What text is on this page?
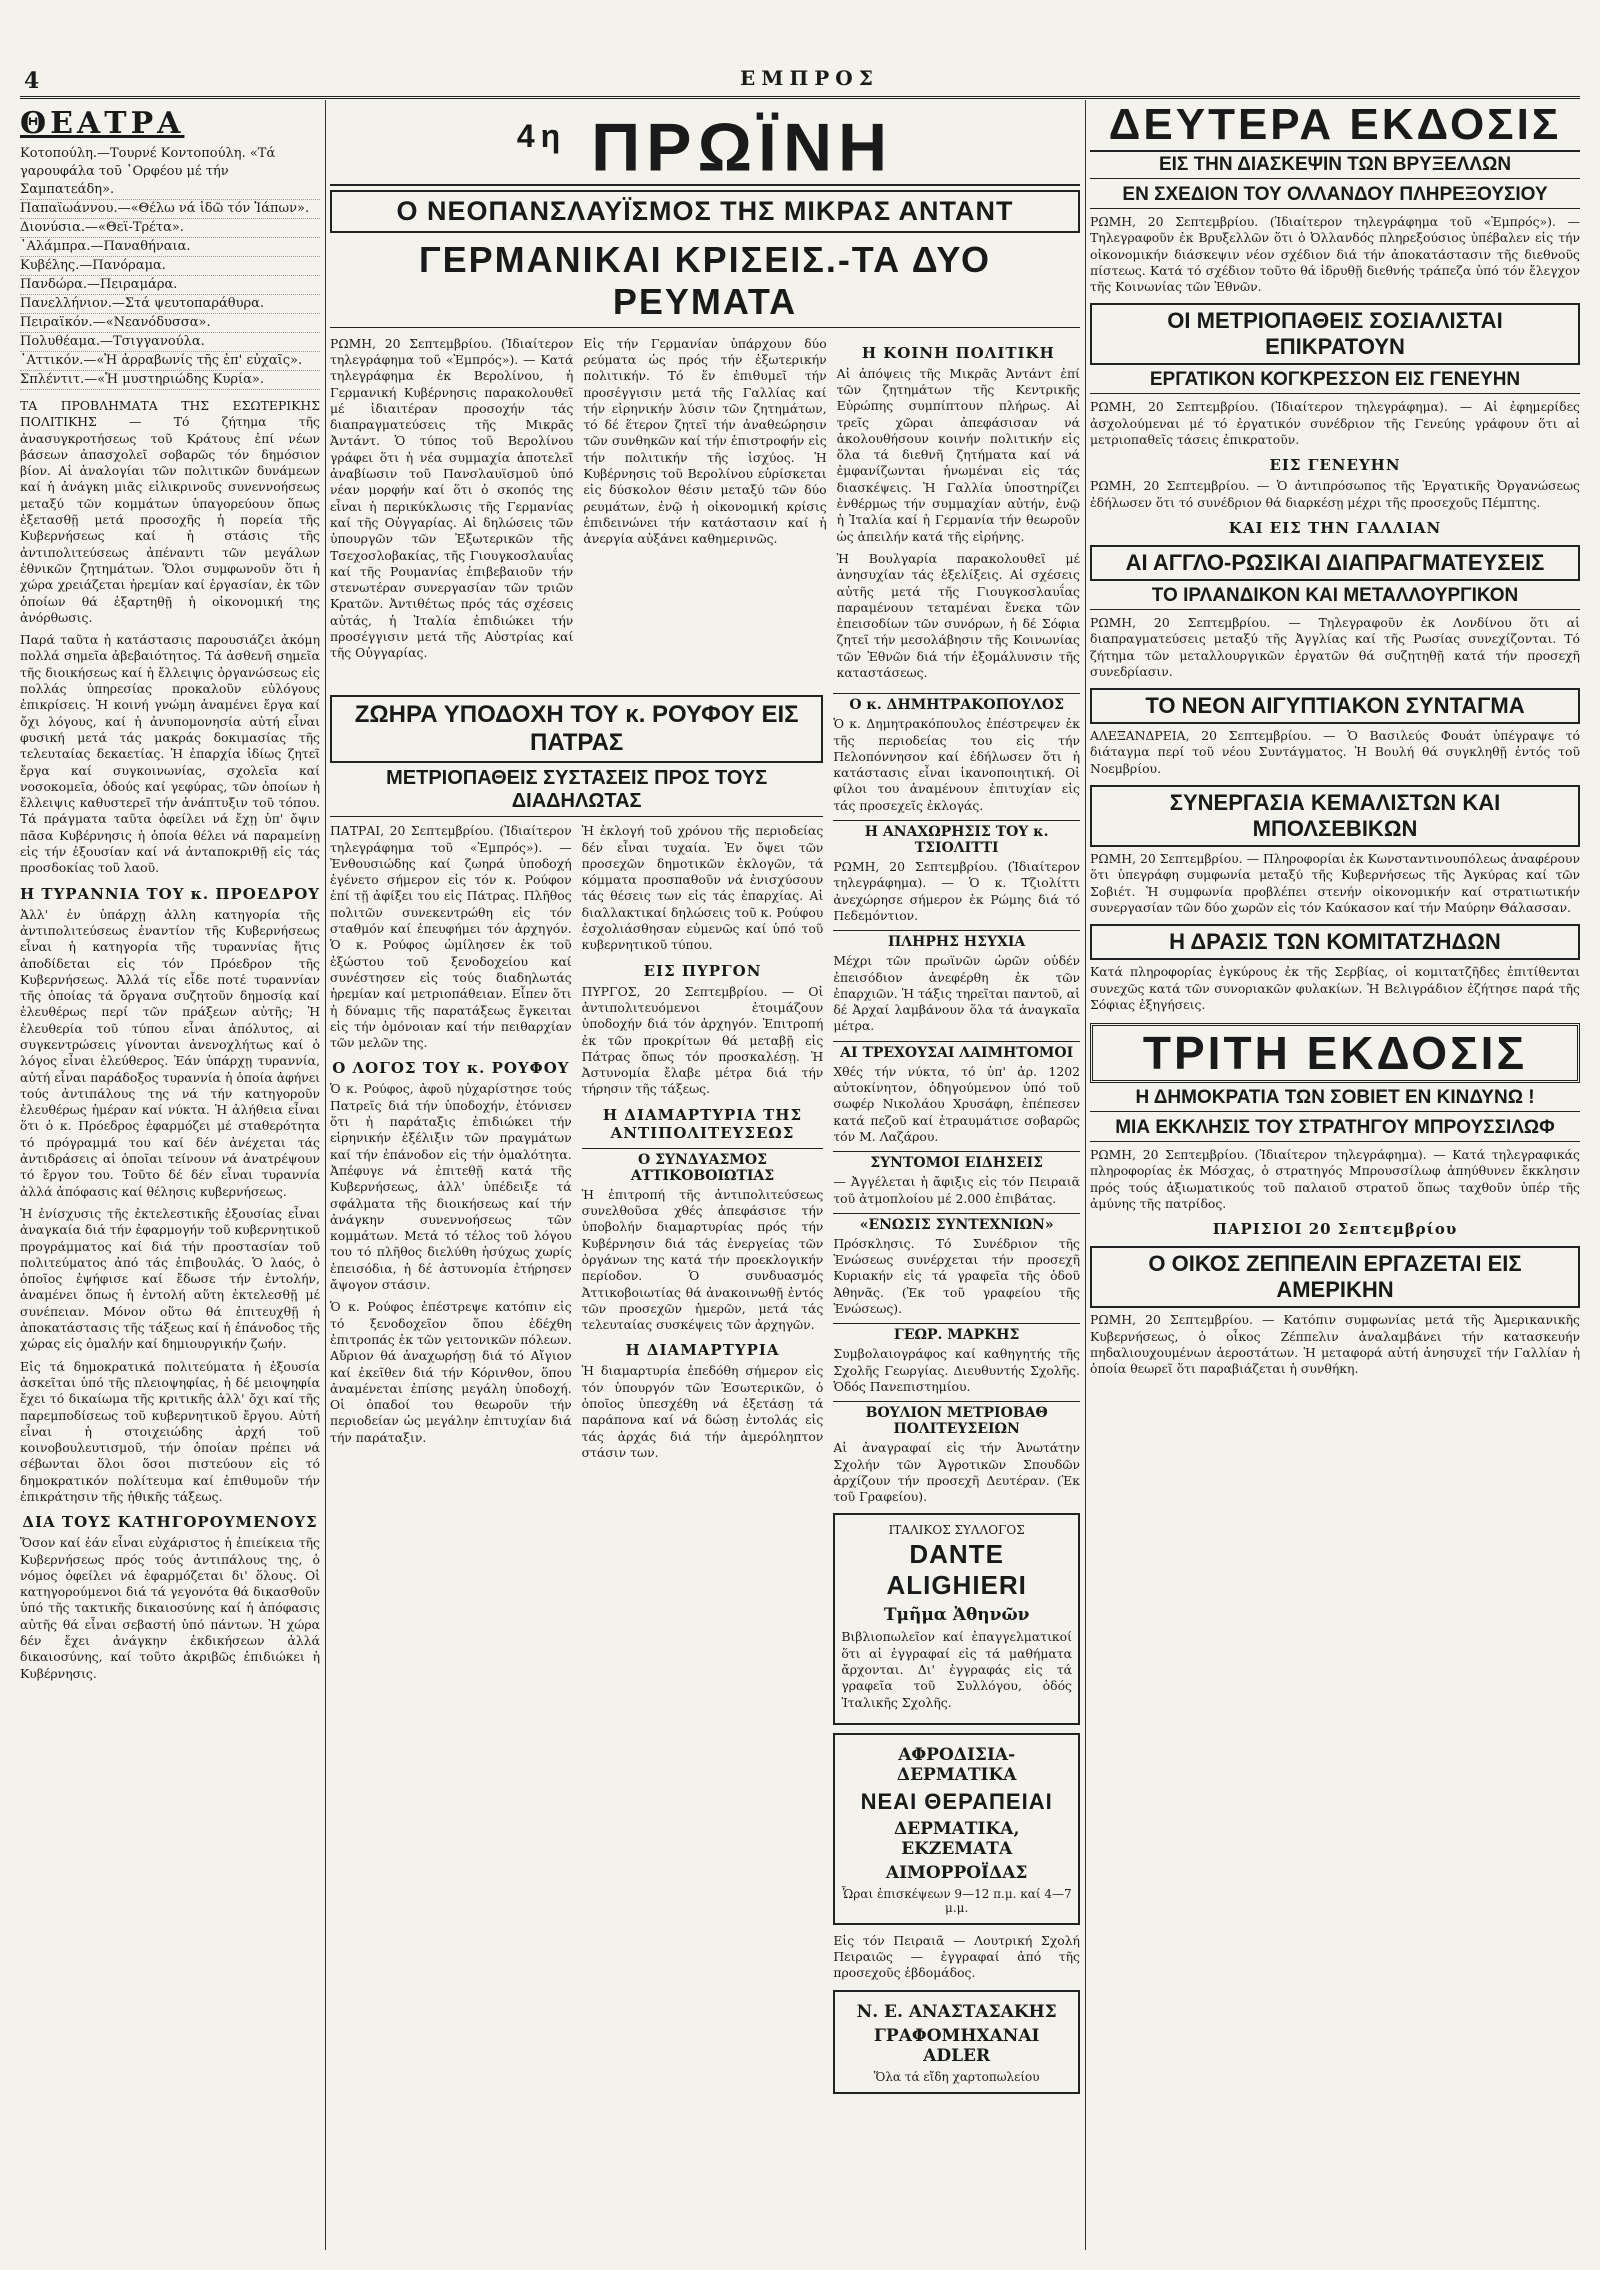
4	ΕΜΠΡΟΣ
ΘΕΑΤΡΑ
Κοτοπούλη.—Τουρνέ Κοντοπούλη. «Τά γαρουφάλα τοῦ ᾿Ορφέου μέ τήν Σαμπατεάδη».
Παπαϊωάννου.—«Θέλω νά ἰδῶ τόν Ἰάπων».
Διονύσια.—«Θεϊ-Τρέτα».
᾿Αλάμπρα.—Παναθήναια.
Κυβέλης.—Πανόραμα.
Πανδώρα.—Πειραμάρα.
Πανελλήνιον.—Στά ψευτοπαράθυρα.
Πειραϊκόν.—«Νεανόδυσσα».
Πολυθέαμα.—Τσιγγανούλα.
᾿Αττικόν.—«Ἡ ἀρραβωνίς τῆς ἐπ' εὐχαῖς».
Σπλέντιτ.—«Ἡ μυστηριώδης Κυρία».

ΤΑ ΠΡΟΒΛΗΜΑΤΑ ΤΗΣ ΕΣΩΤΕΡΙΚΗΣ ΠΟΛΙΤΙΚΗΣ — Τό ζήτημα τῆς ἀνασυγκροτήσεως τοῦ Κράτους ἐπί νέων βάσεων ἀπασχολεῖ σοβαρῶς τόν δημόσιον βίον. Αἱ ἀναλογίαι τῶν πολιτικῶν δυνάμεων καί ἡ ἀνάγκη μιᾶς εἰλικρινοῦς συνεννοήσεως μεταξύ τῶν κομμάτων ὑπαγορεύουν ὅπως ἐξετασθῇ μετά προσοχῆς ἡ πορεία τῆς Κυβερνήσεως καί ἡ στάσις τῆς ἀντιπολιτεύσεως ἀπέναντι τῶν μεγάλων ἐθνικῶν ζητημάτων. Ὅλοι συμφωνοῦν ὅτι ἡ χώρα χρειάζεται ἠρεμίαν καί ἐργασίαν, ἐκ τῶν ὁποίων θά ἐξαρτηθῇ ἡ οἰκονομική της ἀνόρθωσις.

Παρά ταῦτα ἡ κατάστασις παρουσιάζει ἀκόμη πολλά σημεῖα ἀβεβαιότητος. Τά ἀσθενῆ σημεῖα τῆς διοικήσεως καί ἡ ἔλλειψις ὀργανώσεως εἰς πολλάς ὑπηρεσίας προκαλοῦν εὐλόγους ἐπικρίσεις. Ἡ κοινή γνώμη ἀναμένει ἔργα καί ὄχι λόγους, καί ἡ ἀνυπομονησία αὐτή εἶναι φυσική μετά τάς μακράς δοκιμασίας τῆς τελευταίας δεκαετίας. Ἡ ἐπαρχία ἰδίως ζητεῖ ἔργα καί συγκοινωνίας, σχολεῖα καί νοσοκομεῖα, ὁδούς καί γεφύρας, τῶν ὁποίων ἡ ἔλλειψις καθυστερεῖ τήν ἀνάπτυξιν τοῦ τόπου. Τά πράγματα ταῦτα ὀφείλει νά ἔχῃ ὑπ' ὄψιν πᾶσα Κυβέρνησις ἡ ὁποία θέλει νά παραμείνῃ εἰς τήν ἐξουσίαν καί νά ἀνταποκριθῇ εἰς τάς προσδοκίας τοῦ λαοῦ.

Η ΤΥΡΑΝΝΙΑ ΤΟΥ κ. ΠΡΟΕΔΡΟΥ

Ἀλλ' ἐν ὑπάρχῃ ἀλλη κατηγορία τῆς ἀντιπολιτεύσεως ἐναντίον τῆς Κυβερνήσεως εἶναι ἡ κατηγορία τῆς τυραννίας ἥτις ἀποδίδεται εἰς τόν Πρόεδρον τῆς Κυβερνήσεως. Ἀλλά τίς εἶδε ποτέ τυραννίαν τῆς ὁποίας τά ὄργανα συζητοῦν δημοσίᾳ καί ἐλευθέρως περί τῶν πράξεων αὐτῆς; Ἡ ἐλευθερία τοῦ τύπου εἶναι ἀπόλυτος, αἱ συγκεντρώσεις γίνονται ἀνενοχλήτως καί ὁ λόγος εἶναι ἐλεύθερος. Ἐάν ὑπάρχῃ τυραννία, αὐτή εἶναι παράδοξος τυραννία ἡ ὁποία ἀφήνει τούς ἀντιπάλους της νά τήν κατηγοροῦν ἐλευθέρως ἡμέραν καί νύκτα. Ἡ ἀλήθεια εἶναι ὅτι ὁ κ. Πρόεδρος ἐφαρμόζει μέ σταθερότητα τό πρόγραμμά του καί δέν ἀνέχεται τάς ἀντιδράσεις αἱ ὁποῖαι τείνουν νά ἀνατρέψουν τό ἔργον του. Τοῦτο δέ δέν εἶναι τυραννία ἀλλά ἀπόφασις καί θέλησις κυβερνήσεως.

Ἡ ἐνίσχυσις τῆς ἐκτελεστικῆς ἐξουσίας εἶναι ἀναγκαία διά τήν ἐφαρμογήν τοῦ κυβερνητικοῦ προγράμματος καί διά τήν προστασίαν τοῦ πολιτεύματος ἀπό τάς ἐπιβουλάς. Ὁ λαός, ὁ ὁποῖος ἐψήφισε καί ἔδωσε τήν ἐντολήν, ἀναμένει ὅπως ἡ ἐντολή αὕτη ἐκτελεσθῇ μέ συνέπειαν. Μόνον οὕτω θά ἐπιτευχθῇ ἡ ἀποκατάστασις τῆς τάξεως καί ἡ ἐπάνοδος τῆς χώρας εἰς ὁμαλήν καί δημιουργικήν ζωήν.

Εἰς τά δημοκρατικά πολιτεύματα ἡ ἐξουσία ἀσκεῖται ὑπό τῆς πλειοψηφίας, ἡ δέ μειοψηφία ἔχει τό δικαίωμα τῆς κριτικῆς ἀλλ' ὄχι καί τῆς παρεμποδίσεως τοῦ κυβερνητικοῦ ἔργου. Αὐτή εἶναι ἡ στοιχειώδης ἀρχή τοῦ κοινοβουλευτισμοῦ, τήν ὁποίαν πρέπει νά σέβωνται ὅλοι ὅσοι πιστεύουν εἰς τό δημοκρατικόν πολίτευμα καί ἐπιθυμοῦν τήν ἐπικράτησιν τῆς ἠθικῆς τάξεως.

ΔΙΑ ΤΟΥΣ ΚΑΤΗΓΟΡΟΥΜΕΝΟΥΣ

Ὅσον καί ἐάν εἶναι εὐχάριστος ἡ ἐπιείκεια τῆς Κυβερνήσεως πρός τούς ἀντιπάλους της, ὁ νόμος ὀφείλει νά ἐφαρμόζεται δι' ὅλους. Οἱ κατηγορούμενοι διά τά γεγονότα θά δικασθοῦν ὑπό τῆς τακτικῆς δικαιοσύνης καί ἡ ἀπόφασις αὐτῆς θά εἶναι σεβαστή ὑπό πάντων. Ἡ χώρα δέν ἔχει ἀνάγκην ἐκδικήσεων ἀλλά δικαιοσύνης, καί τοῦτο ἀκριβῶς ἐπιδιώκει ἡ Κυβέρνησις.

$^{4\eta}$ ΠΡΩΪΝΗ
Ο ΝΕΟΠΑΝΣΛΑΥΪΣΜΟΣ ΤΗΣ ΜΙΚΡΑΣ ΑΝΤΑΝΤ
ΓΕΡΜΑΝΙΚΑΙ ΚΡΙΣΕΙΣ.-ΤΑ ΔΥΟ ΡΕΥΜΑΤΑ

ΡΩΜΗ, 20 Σεπτεμβρίου. (Ἰδιαίτερον τηλεγράφημα τοῦ «Ἐμπρός»). — Κατά τηλεγράφημα ἐκ Βερολίνου, ἡ Γερμανική Κυβέρνησις παρακολουθεῖ μέ ἰδιαιτέραν προσοχήν τάς διαπραγματεύσεις τῆς Μικρᾶς Ἀντάντ. Ὁ τύπος τοῦ Βερολίνου γράφει ὅτι ἡ νέα συμμαχία ἀποτελεῖ ἀναβίωσιν τοῦ Πανσλαυϊσμοῦ ὑπό νέαν μορφήν καί ὅτι ὁ σκοπός της εἶναι ἡ περικύκλωσις τῆς Γερμανίας καί τῆς Οὐγγαρίας. Αἱ δηλώσεις τῶν ὑπουργῶν τῶν Ἐξωτερικῶν τῆς Τσεχοσλοβακίας, τῆς Γιουγκοσλαυΐας καί τῆς Ρουμανίας ἐπιβεβαιοῦν τήν στενωτέραν συνεργασίαν τῶν τριῶν Κρατῶν. Ἀντιθέτως πρός τάς σχέσεις αὐτάς, ἡ Ἰταλία ἐπιδιώκει τήν προσέγγισιν μετά τῆς Αὐστρίας καί τῆς Οὐγγαρίας.

Εἰς τήν Γερμανίαν ὑπάρχουν δύο ρεύματα ὡς πρός τήν ἐξωτερικήν πολιτικήν. Τό ἕν ἐπιθυμεῖ τήν προσέγγισιν μετά τῆς Γαλλίας καί τήν εἰρηνικήν λύσιν τῶν ζητημάτων, τό δέ ἕτερον ζητεῖ τήν ἀναθεώρησιν τῶν συνθηκῶν καί τήν ἐπιστροφήν εἰς τήν πολιτικήν τῆς ἰσχύος. Ἡ Κυβέρνησις τοῦ Βερολίνου εὑρίσκεται εἰς δύσκολον θέσιν μεταξύ τῶν δύο ρευμάτων, ἐνῷ ἡ οἰκονομική κρίσις ἐπιδεινώνει τήν κατάστασιν καί ἡ ἀνεργία αὐξάνει καθημερινῶς.

Η ΚΟΙΝΗ ΠΟΛΙΤΙΚΗ

Αἱ ἀπόψεις τῆς Μικρᾶς Ἀντάντ ἐπί τῶν ζητημάτων τῆς Κεντρικῆς Εὐρώπης συμπίπτουν πλήρως. Αἱ τρεῖς χῶραι ἀπεφάσισαν νά ἀκολουθήσουν κοινήν πολιτικήν εἰς ὅλα τά διεθνῆ ζητήματα καί νά ἐμφανίζωνται ἡνωμέναι εἰς τάς διασκέψεις. Ἡ Γαλλία ὑποστηρίζει ἐνθέρμως τήν συμμαχίαν αὐτήν, ἐνῷ ἡ Ἰταλία καί ἡ Γερμανία τήν θεωροῦν ὡς ἀπειλήν κατά τῆς εἰρήνης.

Ἡ Βουλγαρία παρακολουθεῖ μέ ἀνησυχίαν τάς ἐξελίξεις. Αἱ σχέσεις αὐτῆς μετά τῆς Γιουγκοσλαυΐας παραμένουν τεταμέναι ἕνεκα τῶν ἐπεισοδίων τῶν συνόρων, ἡ δέ Σόφια ζητεῖ τήν μεσολάβησιν τῆς Κοινωνίας τῶν Ἐθνῶν διά τήν ἐξομάλυνσιν τῆς καταστάσεως.

ΖΩΗΡΑ ΥΠΟΔΟΧΗ ΤΟΥ κ. ΡΟΥΦΟΥ ΕΙΣ ΠΑΤΡΑΣ
ΜΕΤΡΙΟΠΑΘΕΙΣ ΣΥΣΤΑΣΕΙΣ ΠΡΟΣ ΤΟΥΣ ΔΙΑΔΗΛΩΤΑΣ

ΠΑΤΡΑΙ, 20 Σεπτεμβρίου. (Ἰδιαίτερον τηλεγράφημα τοῦ «Ἐμπρός»). — Ἐνθουσιώδης καί ζωηρά ὑποδοχή ἐγένετο σήμερον εἰς τόν κ. Ρούφον ἐπί τῇ ἀφίξει του εἰς Πάτρας. Πλῆθος πολιτῶν συνεκεντρώθη εἰς τόν σταθμόν καί ἐπευφήμει τόν ἀρχηγόν. Ὁ κ. Ρούφος ὡμίλησεν ἐκ τοῦ ἐξώστου τοῦ ξενοδοχείου καί συνέστησεν εἰς τούς διαδηλωτάς ἡρεμίαν καί μετριοπάθειαν. Εἶπεν ὅτι ἡ δύναμις τῆς παρατάξεως ἔγκειται εἰς τήν ὁμόνοιαν καί τήν πειθαρχίαν τῶν μελῶν της.

Ο ΛΟΓΟΣ ΤΟΥ κ. ΡΟΥΦΟΥ

Ὁ κ. Ρούφος, ἀφοῦ ηὐχαρίστησε τούς Πατρεῖς διά τήν ὑποδοχήν, ἐτόνισεν ὅτι ἡ παράταξις ἐπιδιώκει τήν εἰρηνικήν ἐξέλιξιν τῶν πραγμάτων καί τήν ἐπάνοδον εἰς τήν ὁμαλότητα. Ἀπέφυγε νά ἐπιτεθῇ κατά τῆς Κυβερνήσεως, ἀλλ' ὑπέδειξε τά σφάλματα τῆς διοικήσεως καί τήν ἀνάγκην συνεννοήσεως τῶν κομμάτων. Μετά τό τέλος τοῦ λόγου του τό πλῆθος διελύθη ἡσύχως χωρίς ἐπεισόδια, ἡ δέ ἀστυνομία ἐτήρησεν ἄψογον στάσιν.

Ὁ κ. Ρούφος ἐπέστρεψε κατόπιν εἰς τό ξενοδοχεῖον ὅπου ἐδέχθη ἐπιτροπάς ἐκ τῶν γειτονικῶν πόλεων. Αὔριον θά ἀναχωρήσῃ διά τό Αἴγιον καί ἐκεῖθεν διά τήν Κόρινθον, ὅπου ἀναμένεται ἐπίσης μεγάλη ὑποδοχή. Οἱ ὀπαδοί του θεωροῦν τήν περιοδείαν ὡς μεγάλην ἐπιτυχίαν διά τήν παράταξιν.

Ἡ ἐκλογή τοῦ χρόνου τῆς περιοδείας δέν εἶναι τυχαία. Ἐν ὄψει τῶν προσεχῶν δημοτικῶν ἐκλογῶν, τά κόμματα προσπαθοῦν νά ἐνισχύσουν τάς θέσεις των εἰς τάς ἐπαρχίας. Αἱ διαλλακτικαί δηλώσεις τοῦ κ. Ρούφου ἐσχολιάσθησαν εὐμενῶς καί ὑπό τοῦ κυβερνητικοῦ τύπου.

ΕΙΣ ΠΥΡΓΟΝ

ΠΥΡΓΟΣ, 20 Σεπτεμβρίου. — Οἱ ἀντιπολιτευόμενοι ἐτοιμάζουν ὑποδοχήν διά τόν ἀρχηγόν. Ἐπιτροπή ἐκ τῶν προκρίτων θά μεταβῇ εἰς Πάτρας ὅπως τόν προσκαλέσῃ. Ἡ Ἀστυνομία ἔλαβε μέτρα διά τήν τήρησιν τῆς τάξεως.

Η ΔΙΑΜΑΡΤΥΡΙΑ ΤΗΣ ΑΝΤΙΠΟΛΙΤΕΥΣΕΩΣ
Ο ΣΥΝΔΥΑΣΜΟΣ ΑΤΤΙΚΟΒΟΙΩΤΙΑΣ

Ἡ ἐπιτροπή τῆς ἀντιπολιτεύσεως συνελθοῦσα χθές ἀπεφάσισε τήν ὑποβολήν διαμαρτυρίας πρός τήν Κυβέρνησιν διά τάς ἐνεργείας τῶν ὀργάνων της κατά τήν προεκλογικήν περίοδον. Ὁ συνδυασμός Ἀττικοβοιωτίας θά ἀνακοινωθῇ ἐντός τῶν προσεχῶν ἡμερῶν, μετά τάς τελευταίας συσκέψεις τῶν ἀρχηγῶν.

Η ΔΙΑΜΑΡΤΥΡΙΑ

Ἡ διαμαρτυρία ἐπεδόθη σήμερον εἰς τόν ὑπουργόν τῶν Ἐσωτερικῶν, ὁ ὁποῖος ὑπεσχέθη νά ἐξετάσῃ τά παράπονα καί νά δώσῃ ἐντολάς εἰς τάς ἀρχάς διά τήν ἀμερόληπτον στάσιν των.

Ο κ. ΔΗΜΗΤΡΑΚΟΠΟΥΛΟΣ

Ὁ κ. Δημητρακόπουλος ἐπέστρεψεν ἐκ τῆς περιοδείας του εἰς τήν Πελοπόννησον καί ἐδήλωσεν ὅτι ἡ κατάστασις εἶναι ἱκανοποιητική. Οἱ φίλοι του ἀναμένουν ἐπιτυχίαν εἰς τάς προσεχεῖς ἐκλογάς.

Η ΑΝΑΧΩΡΗΣΙΣ ΤΟΥ κ. ΤΣΙΟΛΙΤΤΙ

ΡΩΜΗ, 20 Σεπτεμβρίου. (Ἰδιαίτερον τηλεγράφημα). — Ὁ κ. Τζιολίττι ἀνεχώρησε σήμερον ἐκ Ρώμης διά τό Πεδεμόντιον.

ΠΛΗΡΗΣ ΗΣΥΧΙΑ

Μέχρι τῶν πρωϊνῶν ὡρῶν οὐδέν ἐπεισόδιον ἀνεφέρθη ἐκ τῶν ἐπαρχιῶν. Ἡ τάξις τηρεῖται παντοῦ, αἱ δέ Ἀρχαί λαμβάνουν ὅλα τά ἀναγκαῖα μέτρα.

ΑΙ ΤΡΕΧΟΥΣΑΙ ΛΑΙΜΗΤΟΜΟΙ

Χθές τήν νύκτα, τό ὑπ' ἀρ. 1202 αὐτοκίνητον, ὁδηγούμενον ὑπό τοῦ σωφέρ Νικολάου Χρυσάφη, ἐπέπεσεν κατά πεζοῦ καί ἐτραυμάτισε σοβαρῶς τόν Μ. Λαζάρου.

ΣΥΝΤΟΜΟΙ ΕΙΔΗΣΕΙΣ

— Ἀγγέλεται ἡ ἄφιξις εἰς τόν Πειραιᾶ τοῦ ἀτμοπλοίου μέ 2.000 ἐπιβάτας.

«ΕΝΩΣΙΣ ΣΥΝΤΕΧΝΙΩΝ»

Πρόσκλησις. Τό Συνέδριον τῆς Ἑνώσεως συνέρχεται τήν προσεχῆ Κυριακήν εἰς τά γραφεῖα τῆς ὁδοῦ Ἀθηνᾶς. (Ἐκ τοῦ γραφείου τῆς Ἑνώσεως).

ΓΕΩΡ. ΜΑΡΚΗΣ

Συμβολαιογράφος καί καθηγητής τῆς Σχολῆς Γεωργίας. Διευθυντής Σχολῆς. Ὁδός Πανεπιστημίου.

ΒΟΥΛΙΟΝ ΜΕΤΡΙΟΒΑΘ ΠΟΛΙΤΕΥΣΕΙΩΝ

Αἱ ἀναγραφαί εἰς τήν Ἀνωτάτην Σχολήν τῶν Ἀγροτικῶν Σπουδῶν ἀρχίζουν τήν προσεχῆ Δευτέραν. (Ἐκ τοῦ Γραφείου).

ΙΤΑΛΙΚΟΣ ΣΥΛΛΟΓΟΣ
DANTE ALIGHIERI
Τμῆμα Ἀθηνῶν
Βιβλιοπωλεῖον καί ἐπαγγελματικοί ὅτι αἱ ἐγγραφαί εἰς τά μαθήματα ἄρχονται. Δι' ἐγγραφάς εἰς τά γραφεῖα τοῦ Συλλόγου, ὁδός Ἰταλικῆς Σχολῆς.
ΑΦΡΟΔΙΣΙΑ-ΔΕΡΜΑΤΙΚΑ
ΝΕΑΙ ΘΕΡΑΠΕΙΑΙ
ΔΕΡΜΑΤΙΚΑ, ΕΚΖΕΜΑΤΑ
ΑΙΜΟΡΡΟΪΔΑΣ
Ὧραι ἐπισκέψεων 9—12 π.μ. καί 4—7 μ.μ.

Εἰς τόν Πειραιᾶ — Λουτρική Σχολή Πειραιῶς — ἐγγραφαί ἀπό τῆς προσεχοῦς ἑβδομάδος.

Ν. Ε. ΑΝΑΣΤΑΣΑΚΗΣ
ΓΡΑΦΟΜΗΧΑΝΑΙ ADLER
Ὅλα τά εἴδη χαρτοπωλείου
ΔΕΥΤΕΡΑ ΕΚΔΟΣΙΣ
ΕΙΣ ΤΗΝ ΔΙΑΣΚΕΨΙΝ ΤΩΝ ΒΡΥΞΕΛΛΩΝ
ΕΝ ΣΧΕΔΙΟΝ ΤΟΥ ΟΛΛΑΝΔΟΥ ΠΛΗΡΕΞΟΥΣΙΟΥ

ΡΩΜΗ, 20 Σεπτεμβρίου. (Ἰδιαίτερον τηλεγράφημα τοῦ «Ἐμπρός»). — Τηλεγραφοῦν ἐκ Βρυξελλῶν ὅτι ὁ Ὀλλανδός πληρεξούσιος ὑπέβαλεν εἰς τήν οἰκονομικήν διάσκεψιν νέον σχέδιον διά τήν ἀποκατάστασιν τῆς διεθνοῦς πίστεως. Κατά τό σχέδιον τοῦτο θά ἱδρυθῇ διεθνής τράπεζα ὑπό τόν ἔλεγχον τῆς Κοινωνίας τῶν Ἐθνῶν.

ΟΙ ΜΕΤΡΙΟΠΑΘΕΙΣ ΣΟΣΙΑΛΙΣΤΑΙ ΕΠΙΚΡΑΤΟΥΝ
ΕΡΓΑΤΙΚΟΝ ΚΟΓΚΡΕΣΣΟΝ ΕΙΣ ΓΕΝΕΥΗΝ

ΡΩΜΗ, 20 Σεπτεμβρίου. (Ἰδιαίτερον τηλεγράφημα). — Αἱ ἐφημερίδες ἀσχολούμεναι μέ τό ἐργατικόν συνέδριον τῆς Γενεύης γράφουν ὅτι αἱ μετριοπαθεῖς τάσεις ἐπικρατοῦν.

ΕΙΣ ΓΕΝΕΥΗΝ

ΡΩΜΗ, 20 Σεπτεμβρίου. — Ὁ ἀντιπρόσωπος τῆς Ἐργατικῆς Ὀργανώσεως ἐδήλωσεν ὅτι τό συνέδριον θά διαρκέσῃ μέχρι τῆς προσεχοῦς Πέμπτης.

ΚΑΙ ΕΙΣ ΤΗΝ ΓΑΛΛΙΑΝ
ΑΙ ΑΓΓΛΟ-ΡΩΣΙΚΑΙ ΔΙΑΠΡΑΓΜΑΤΕΥΣΕΙΣ
ΤΟ ΙΡΛΑΝΔΙΚΟΝ ΚΑΙ ΜΕΤΑΛΛΟΥΡΓΙΚΟΝ

ΡΩΜΗ, 20 Σεπτεμβρίου. — Τηλεγραφοῦν ἐκ Λονδίνου ὅτι αἱ διαπραγματεύσεις μεταξύ τῆς Ἀγγλίας καί τῆς Ρωσίας συνεχίζονται. Τό ζήτημα τῶν μεταλλουργικῶν ἐργατῶν θά συζητηθῇ κατά τήν προσεχῆ συνεδρίασιν.

ΤΟ ΝΕΟΝ ΑΙΓΥΠΤΙΑΚΟΝ ΣΥΝΤΑΓΜΑ

ΑΛΕΞΑΝΔΡΕΙΑ, 20 Σεπτεμβρίου. — Ὁ Βασιλεύς Φουάτ ὑπέγραψε τό διάταγμα περί τοῦ νέου Συντάγματος. Ἡ Βουλή θά συγκληθῇ ἐντός τοῦ Νοεμβρίου.

ΣΥΝΕΡΓΑΣΙΑ ΚΕΜΑΛΙΣΤΩΝ ΚΑΙ ΜΠΟΛΣΕΒΙΚΩΝ

ΡΩΜΗ, 20 Σεπτεμβρίου. — Πληροφορίαι ἐκ Κωνσταντινουπόλεως ἀναφέρουν ὅτι ὑπεγράφη συμφωνία μεταξύ τῆς Κυβερνήσεως τῆς Ἀγκύρας καί τῶν Σοβιέτ. Ἡ συμφωνία προβλέπει στενήν οἰκονομικήν καί στρατιωτικήν συνεργασίαν τῶν δύο χωρῶν εἰς τόν Καύκασον καί τήν Μαύρην Θάλασσαν.

Η ΔΡΑΣΙΣ ΤΩΝ ΚΟΜΙΤΑΤΖΗΔΩΝ

Κατά πληροφορίας ἐγκύρους ἐκ τῆς Σερβίας, οἱ κομιτατζῆδες ἐπιτίθενται συνεχῶς κατά τῶν συνοριακῶν φυλακίων. Ἡ Βελιγράδιον ἐζήτησε παρά τῆς Σόφιας ἐξηγήσεις.

ΤΡΙΤΗ ΕΚΔΟΣΙΣ
Η ΔΗΜΟΚΡΑΤΙΑ ΤΩΝ ΣΟΒΙΕΤ ΕΝ ΚΙΝΔΥΝΩ !
ΜΙΑ ΕΚΚΛΗΣΙΣ ΤΟΥ ΣΤΡΑΤΗΓΟΥ ΜΠΡΟΥΣΣΙΛΩΦ

ΡΩΜΗ, 20 Σεπτεμβρίου. (Ἰδιαίτερον τηλεγράφημα). — Κατά τηλεγραφικάς πληροφορίας ἐκ Μόσχας, ὁ στρατηγός Μπρουσσίλωφ ἀπηύθυνεν ἔκκλησιν πρός τούς ἀξιωματικούς τοῦ παλαιοῦ στρατοῦ ὅπως ταχθοῦν ὑπέρ τῆς ἀμύνης τῆς πατρίδος.

ΠΑΡΙΣΙΟΙ 20 Σεπτεμβρίου
Ο ΟΙΚΟΣ ΖΕΠΠΕΛΙΝ ΕΡΓΑΖΕΤΑΙ ΕΙΣ ΑΜΕΡΙΚΗΝ

ΡΩΜΗ, 20 Σεπτεμβρίου. — Κατόπιν συμφωνίας μετά τῆς Ἀμερικανικῆς Κυβερνήσεως, ὁ οἶκος Ζέππελιν ἀναλαμβάνει τήν κατασκευήν πηδαλιουχουμένων ἀεροστάτων. Ἡ μεταφορά αὐτή ἀνησυχεῖ τήν Γαλλίαν ἡ ὁποία θεωρεῖ ὅτι παραβιάζεται ἡ συνθήκη.
